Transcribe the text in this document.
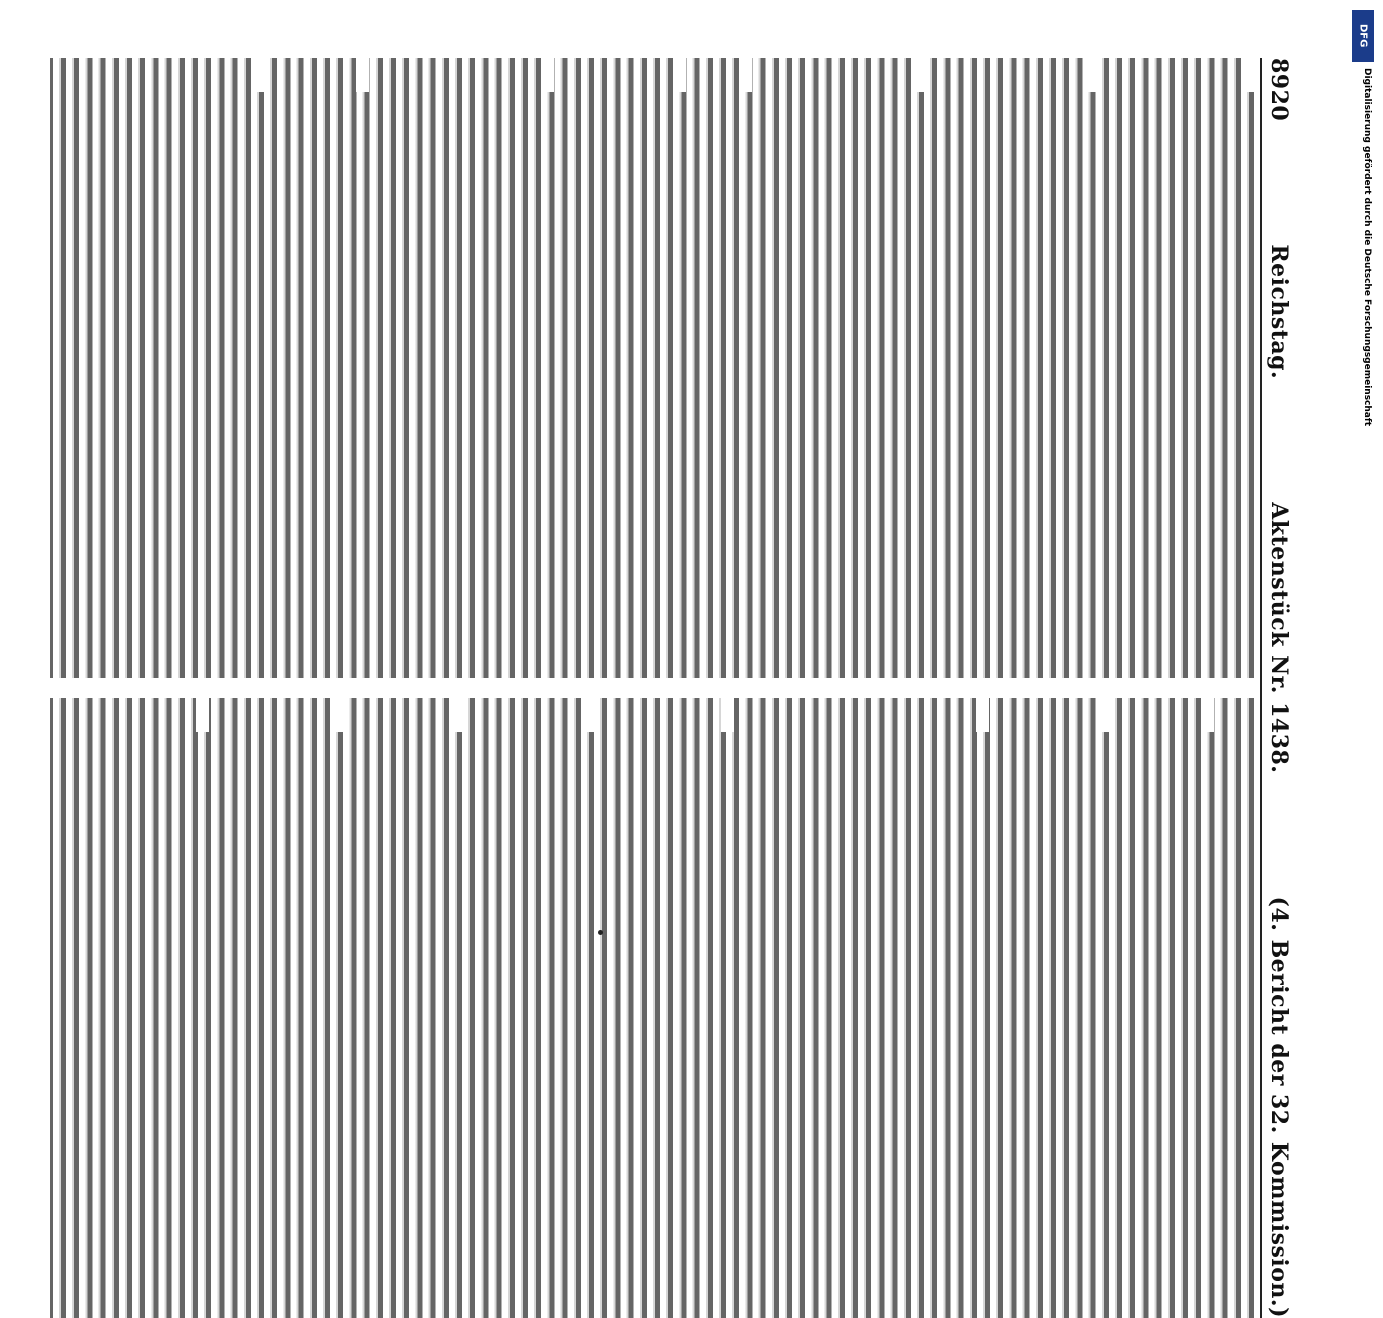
8920
Reichstag.
Aktenstück Nr. 1438.
(4. Bericht der 32. Kommission.)
DFG
Digitalisierung gefördert durch die Deutsche Forschungsgemeinschaft
